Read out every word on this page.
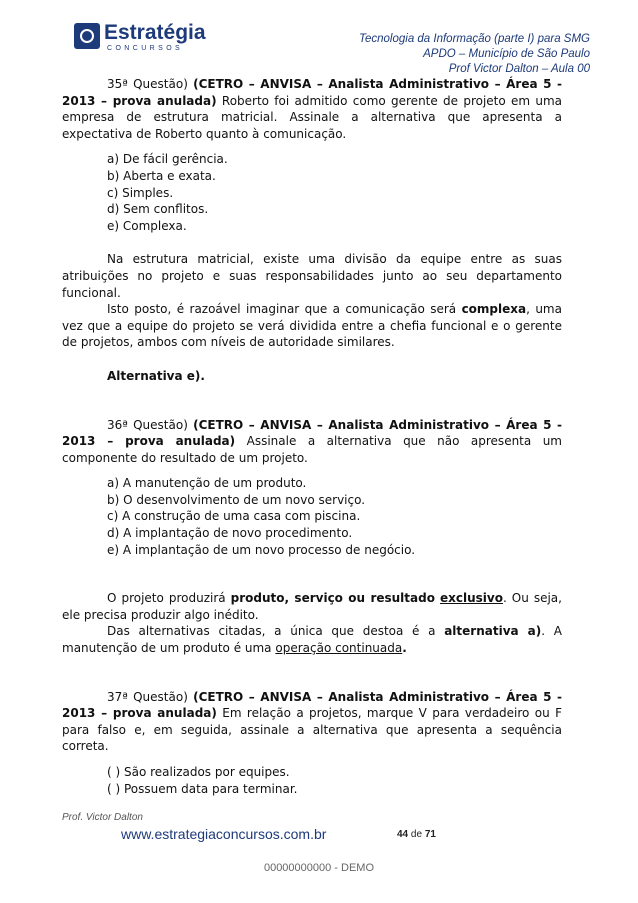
Estratégia
CONCURSOS
Tecnologia da Informação (parte I) para SMG
APDO – Município de São Paulo
Prof Victor Dalton – Aula 00

35ª Questão) (CETRO – ANVISA – Analista Administrativo – Área 5 - 2013 – prova anulada) Roberto foi admitido como gerente de projeto em uma empresa de estrutura matricial. Assinale a alternativa que apresenta a expectativa de Roberto quanto à comunicação.

a) De fácil gerência.

b) Aberta e exata.

c) Simples.

d) Sem conflitos.

e) Complexa.

Na estrutura matricial, existe uma divisão da equipe entre as suas atribuições no projeto e suas responsabilidades junto ao seu departamento funcional.

Isto posto, é razoável imaginar que a comunicação será complexa, uma vez que a equipe do projeto se verá dividida entre a chefia funcional e o gerente de projetos, ambos com níveis de autoridade similares.

Alternativa e).

36ª Questão) (CETRO – ANVISA – Analista Administrativo – Área 5 - 2013 – prova anulada) Assinale a alternativa que não apresenta um componente do resultado de um projeto.

a) A manutenção de um produto.

b) O desenvolvimento de um novo serviço.

c) A construção de uma casa com piscina.

d) A implantação de novo procedimento.

e) A implantação de um novo processo de negócio.

O projeto produzirá produto, serviço ou resultado exclusivo. Ou seja, ele precisa produzir algo inédito.

Das alternativas citadas, a única que destoa é a alternativa a). A manutenção de um produto é uma operação continuada.

37ª Questão) (CETRO – ANVISA – Analista Administrativo – Área 5 - 2013 – prova anulada) Em relação a projetos, marque V para verdadeiro ou F para falso e, em seguida, assinale a alternativa que apresenta a sequência correta.

( ) São realizados por equipes.

( ) Possuem data para terminar.

Prof. Victor Dalton
www.estrategiaconcursos.com.br	44 de 71
00000000000 - DEMO
